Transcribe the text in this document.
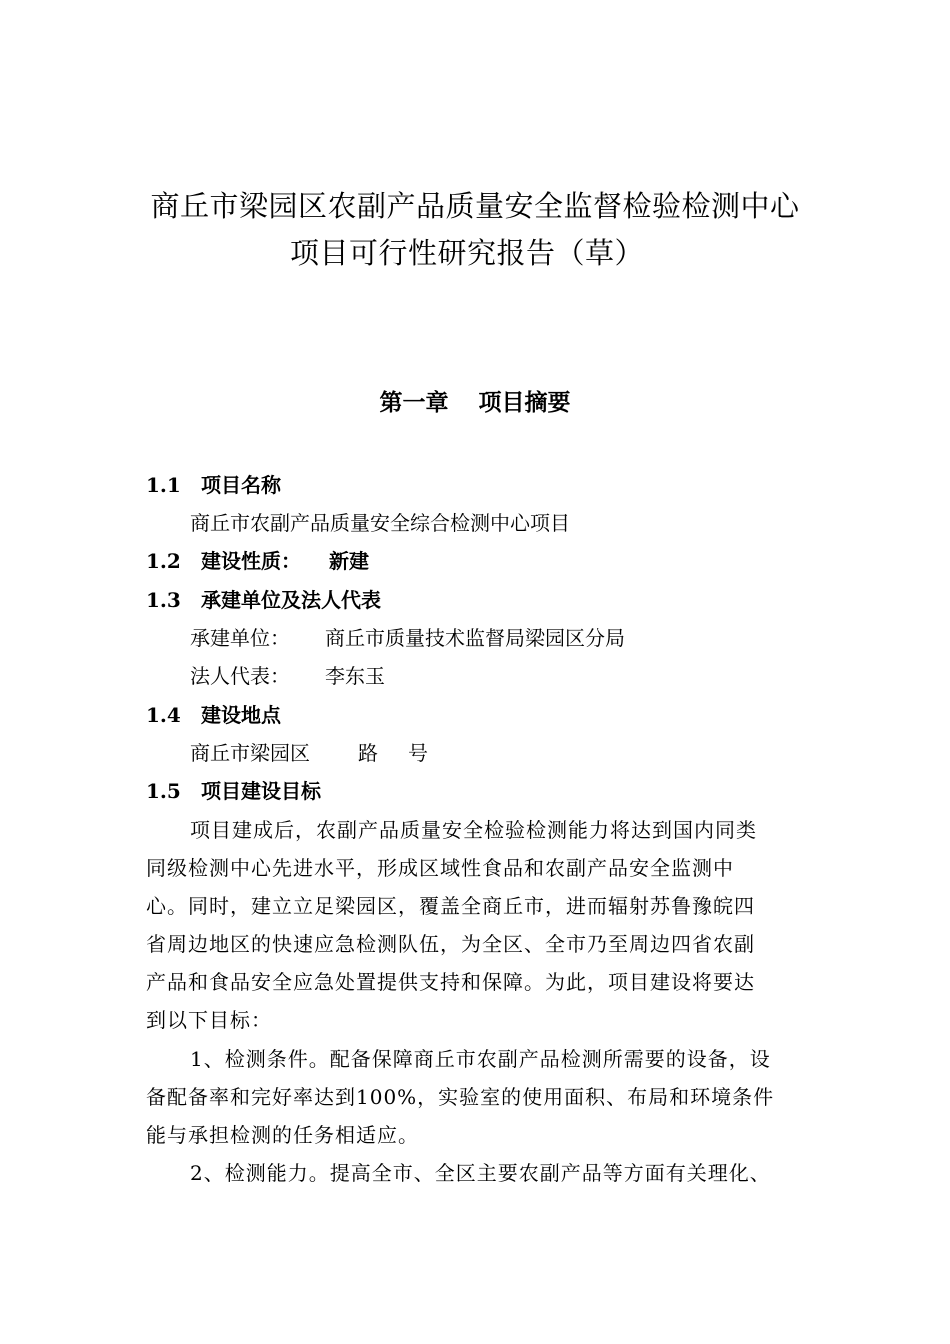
商丘市梁园区农副产品质量安全监督检验检测中心
项目可行性研究报告（草）
第一章 项目摘要
1.1 项目名称
商丘市农副产品质量安全综合检测中心项目
1.2 建设性质： 新建
1.3 承建单位及法人代表
承建单位： 商丘市质量技术监督局梁园区分局
法人代表： 李东玉
1.4 建设地点
商丘市梁园区 路 号
1.5 项目建设目标
项目建成后，农副产品质量安全检验检测能力将达到国内同类
同级检测中心先进水平，形成区域性食品和农副产品安全监测中
心。同时，建立立足梁园区，覆盖全商丘市，进而辐射苏鲁豫皖四
省周边地区的快速应急检测队伍，为全区、全市乃至周边四省农副
产品和食品安全应急处置提供支持和保障。为此，项目建设将要达
到以下目标：
1、检测条件。配备保障商丘市农副产品检测所需要的设备，设
备配备率和完好率达到100%，实验室的使用面积、布局和环境条件
能与承担检测的任务相适应。
2、检测能力。提高全市、全区主要农副产品等方面有关理化、
